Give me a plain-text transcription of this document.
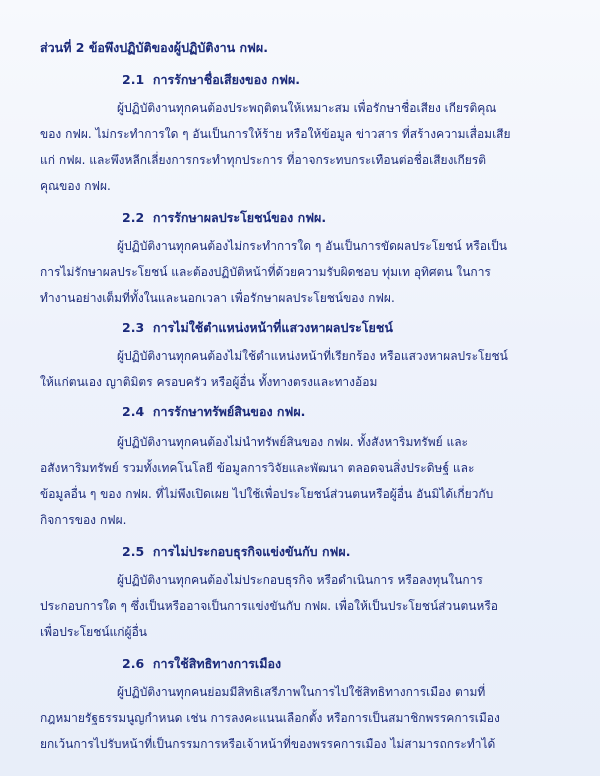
ส่วนที่ 2 ข้อพึงปฏิบัติของผู้ปฏิบัติงาน กฟผ.
2.1 การรักษาชื่อเสียงของ กฟผ.
ผู้ปฏิบัติงานทุกคนต้องประพฤติตนให้เหมาะสม เพื่อรักษาชื่อเสียง เกียรติคุณ
ของ กฟผ. ไม่กระทำการใด ๆ อันเป็นการให้ร้าย หรือให้ข้อมูล ข่าวสาร ที่สร้างความเสื่อมเสีย
แก่ กฟผ. และพึงหลีกเลี่ยงการกระทำทุกประการ ที่อาจกระทบกระเทือนต่อชื่อเสียงเกียรติ
คุณของ กฟผ.
2.2 การรักษาผลประโยชน์ของ กฟผ.
ผู้ปฏิบัติงานทุกคนต้องไม่กระทำการใด ๆ อันเป็นการขัดผลประโยชน์ หรือเป็น
การไม่รักษาผลประโยชน์ และต้องปฏิบัติหน้าที่ด้วยความรับผิดชอบ ทุ่มเท อุทิศตน ในการ
ทำงานอย่างเต็มที่ทั้งในและนอกเวลา เพื่อรักษาผลประโยชน์ของ กฟผ.
2.3 การไม่ใช้ตำแหน่งหน้าที่แสวงหาผลประโยชน์
ผู้ปฏิบัติงานทุกคนต้องไม่ใช้ตำแหน่งหน้าที่เรียกร้อง หรือแสวงหาผลประโยชน์
ให้แก่ตนเอง ญาติมิตร ครอบครัว หรือผู้อื่น ทั้งทางตรงและทางอ้อม
2.4 การรักษาทรัพย์สินของ กฟผ.
ผู้ปฏิบัติงานทุกคนต้องไม่นำทรัพย์สินของ กฟผ. ทั้งสังหาริมทรัพย์ และ
อสังหาริมทรัพย์ รวมทั้งเทคโนโลยี ข้อมูลการวิจัยและพัฒนา ตลอดจนสิ่งประดิษฐ์ และ
ข้อมูลอื่น ๆ ของ กฟผ. ที่ไม่พึงเปิดเผย ไปใช้เพื่อประโยชน์ส่วนตนหรือผู้อื่น อันมิได้เกี่ยวกับ
กิจการของ กฟผ.
2.5 การไม่ประกอบธุรกิจแข่งขันกับ กฟผ.
ผู้ปฏิบัติงานทุกคนต้องไม่ประกอบธุรกิจ หรือดำเนินการ หรือลงทุนในการ
ประกอบการใด ๆ ซึ่งเป็นหรืออาจเป็นการแข่งขันกับ กฟผ. เพื่อให้เป็นประโยชน์ส่วนตนหรือ
เพื่อประโยชน์แก่ผู้อื่น
2.6 การใช้สิทธิทางการเมือง
ผู้ปฏิบัติงานทุกคนย่อมมีสิทธิเสรีภาพในการไปใช้สิทธิทางการเมือง ตามที่
กฎหมายรัฐธรรมนูญกำหนด เช่น การลงคะแนนเลือกตั้ง หรือการเป็นสมาชิกพรรคการเมือง
ยกเว้นการไปรับหน้าที่เป็นกรรมการหรือเจ้าหน้าที่ของพรรคการเมือง ไม่สามารถกระทำได้
